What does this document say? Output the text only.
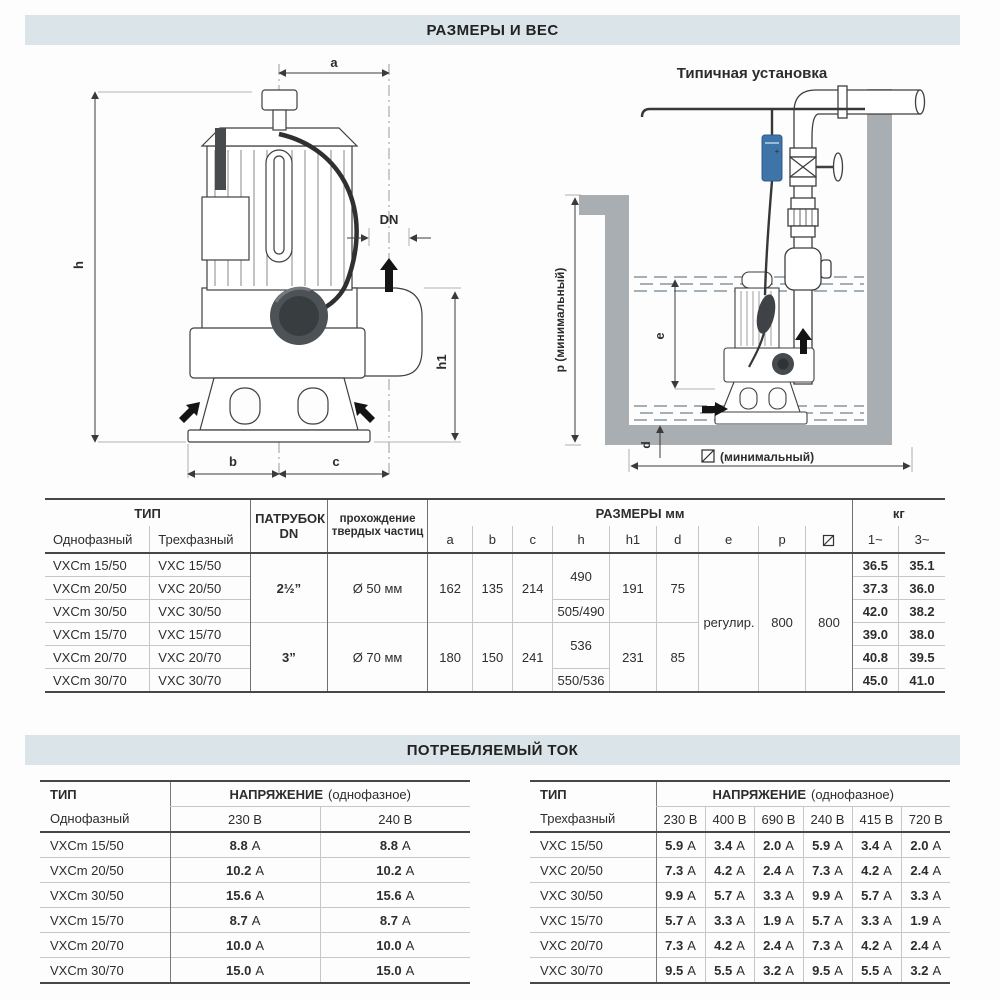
РАЗМЕРЫ И ВЕС
a
h
DN
h1
b	c
Типичная установка
+
p (минимальный)	e
d
(минимальный)
ТИП	ПАТРУБОК
DN

прохождение
твердых частиц
	РАЗМЕРЫ мм	кг
Однофазный	Трехфазный			a	b	c	h	h1	d	e	p		1~	3~
VXCm 15/50	VXC 15/50	2½”	Ø 50 мм	162	135	214	490	191	75	регулир.	800	800	36.5	35.1
VXCm 20/50	VXC 20/50												37.3	36.0
VXCm 30/50	VXC 30/50						505/490						42.0	38.2
VXCm 15/70	VXC 15/70	3”	Ø 70 мм	180	150	241	536	231	85				39.0	38.0
VXCm 20/70	VXC 20/70												40.8	39.5
VXCm 30/70	VXC 30/70						550/536						45.0	41.0
ПОТРЕБЛЯЕМЫЙ ТОК
ТИП	НАПРЯЖЕНИЕ (однофазное)	
Однофазный	230 В	240 В
VXCm 15/50	8.8 A	8.8 A
VXCm 20/50	10.2 A	10.2 A
VXCm 30/50	15.6 A	15.6 A
VXCm 15/70	8.7 A	8.7 A
VXCm 20/70	10.0 A	10.0 A
VXCm 30/70	15.0 A	15.0 A
ТИП	НАПРЯЖЕНИЕ (однофазное)					
Трехфазный	230 В	400 В	690 В	240 В	415 В	720 В
VXC 15/50	5.9 A	3.4 A	2.0 A	5.9 A	3.4 A	2.0 A
VXC 20/50	7.3 A	4.2 A	2.4 A	7.3 A	4.2 A	2.4 A
VXC 30/50	9.9 A	5.7 A	3.3 A	9.9 A	5.7 A	3.3 A
VXC 15/70	5.7 A	3.3 A	1.9 A	5.7 A	3.3 A	1.9 A
VXC 20/70	7.3 A	4.2 A	2.4 A	7.3 A	4.2 A	2.4 A
VXC 30/70	9.5 A	5.5 A	3.2 A	9.5 A	5.5 A	3.2 A
